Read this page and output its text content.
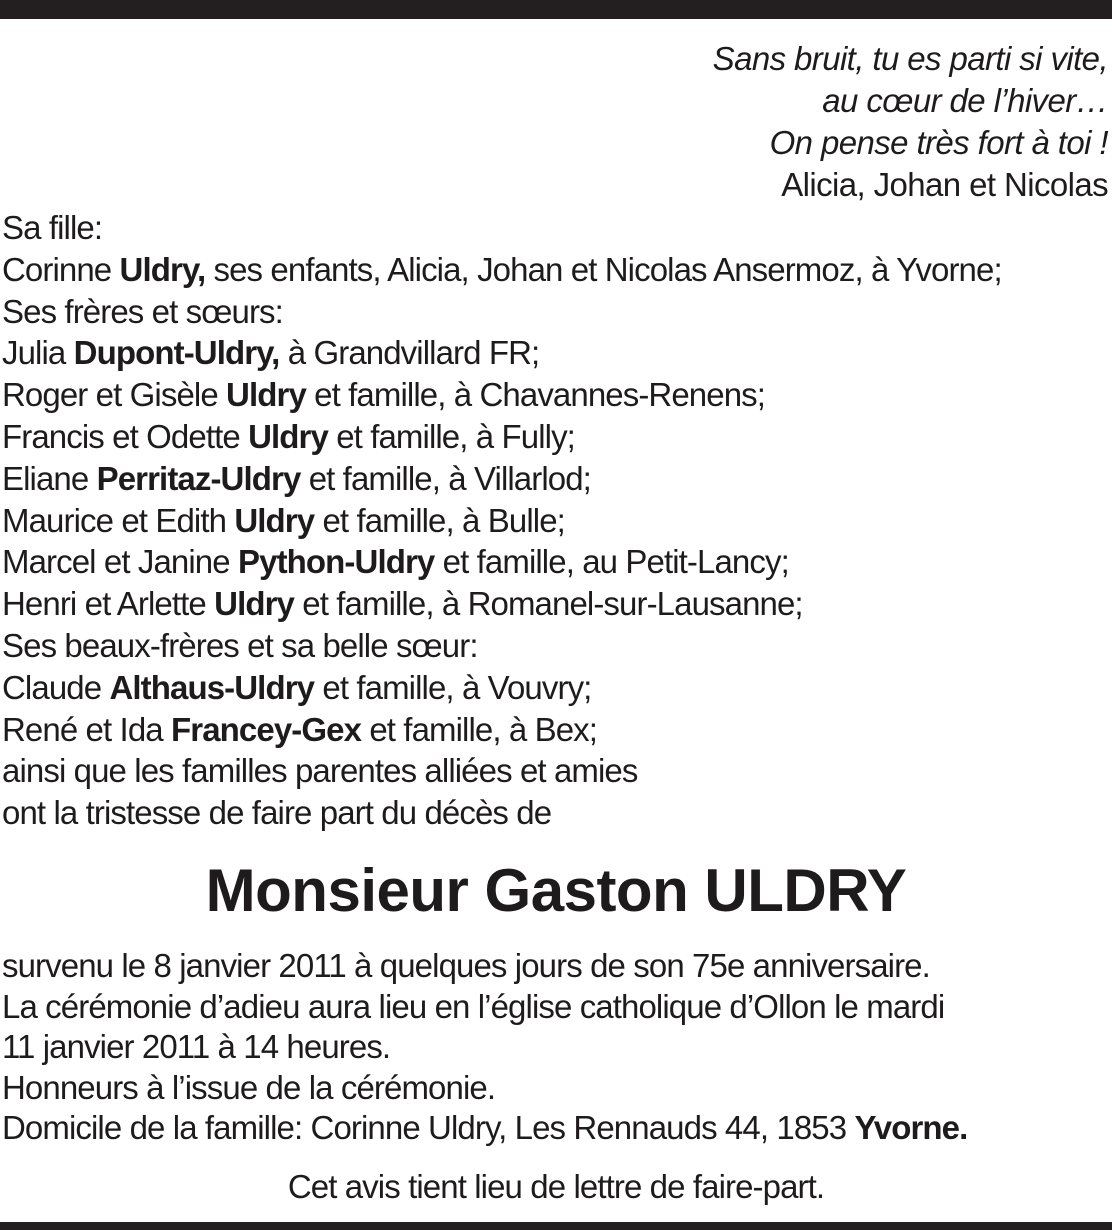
Sans bruit, tu es parti si vite,
au cœur de l’hiver…
On pense très fort à toi !
Alicia, Johan et Nicolas
Sa fille:
Corinne Uldry, ses enfants, Alicia, Johan et Nicolas Ansermoz, à Yvorne;
Ses frères et sœurs:
Julia Dupont-Uldry, à Grandvillard FR;
Roger et Gisèle Uldry et famille, à Chavannes-Renens;
Francis et Odette Uldry et famille, à Fully;
Eliane Perritaz-Uldry et famille, à Villarlod;
Maurice et Edith Uldry et famille, à Bulle;
Marcel et Janine Python-Uldry et famille, au Petit-Lancy;
Henri et Arlette Uldry et famille, à Romanel-sur-Lausanne;
Ses beaux-frères et sa belle sœur:
Claude Althaus-Uldry et famille, à Vouvry;
René et Ida Francey-Gex et famille, à Bex;
ainsi que les familles parentes alliées et amies
ont la tristesse de faire part du décès de
Monsieur Gaston ULDRY
survenu le 8 janvier 2011 à quelques jours de son 75e anniversaire.
La cérémonie d’adieu aura lieu en l’église catholique d’Ollon le mardi
11 janvier 2011 à 14 heures.
Honneurs à l’issue de la cérémonie.
Domicile de la famille: Corinne Uldry, Les Rennauds 44, 1853 Yvorne.
Cet avis tient lieu de lettre de faire-part.
